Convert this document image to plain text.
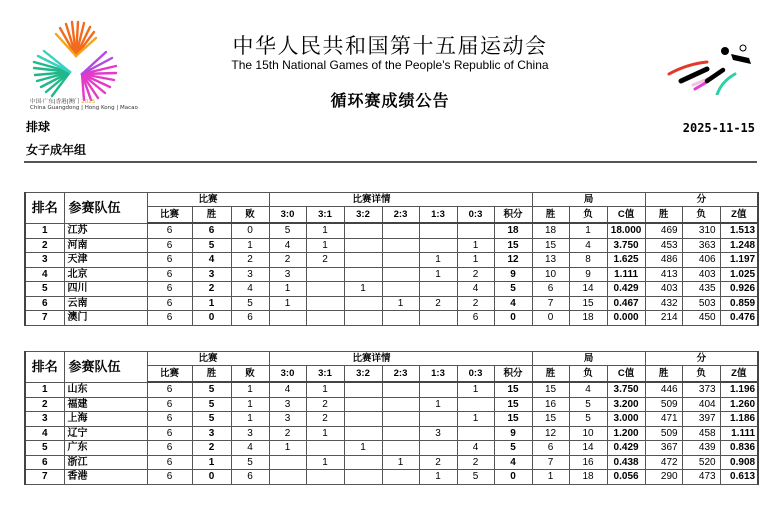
中国·广东|香港|澳门 2025
China Guangdong | Hong Kong | Macao
中华人民共和国第十五届运动会
The 15th National Games of the People's Republic of China
循环赛成绩公告
排球
女子成年组
2025-11-15
排名	参赛队伍	比赛			比赛详情							局			分		
		比赛	胜	败	3:0	3:1	3:2	2:3	1:3	0:3	积分	胜	负	C值	胜	负	Z值
1	江苏	6	6	0	5	1					18	18	1	18.000	469	310	1.513
2	河南	6	5	1	4	1				1	15	15	4	3.750	453	363	1.248
3	天津	6	4	2	2	2			1	1	12	13	8	1.625	486	406	1.197
4	北京	6	3	3	3				1	2	9	10	9	1.111	413	403	1.025
5	四川	6	2	4	1		1			4	5	6	14	0.429	403	435	0.926
6	云南	6	1	5	1			1	2	2	4	7	15	0.467	432	503	0.859
7	澳门	6	0	6						6	0	0	18	0.000	214	450	0.476
排名	参赛队伍	比赛			比赛详情							局			分		
		比赛	胜	败	3:0	3:1	3:2	2:3	1:3	0:3	积分	胜	负	C值	胜	负	Z值
1	山东	6	5	1	4	1				1	15	15	4	3.750	446	373	1.196
2	福建	6	5	1	3	2			1		15	16	5	3.200	509	404	1.260
3	上海	6	5	1	3	2				1	15	15	5	3.000	471	397	1.186
4	辽宁	6	3	3	2	1			3		9	12	10	1.200	509	458	1.111
5	广东	6	2	4	1		1			4	5	6	14	0.429	367	439	0.836
6	浙江	6	1	5		1		1	2	2	4	7	16	0.438	472	520	0.908
7	香港	6	0	6					1	5	0	1	18	0.056	290	473	0.613
